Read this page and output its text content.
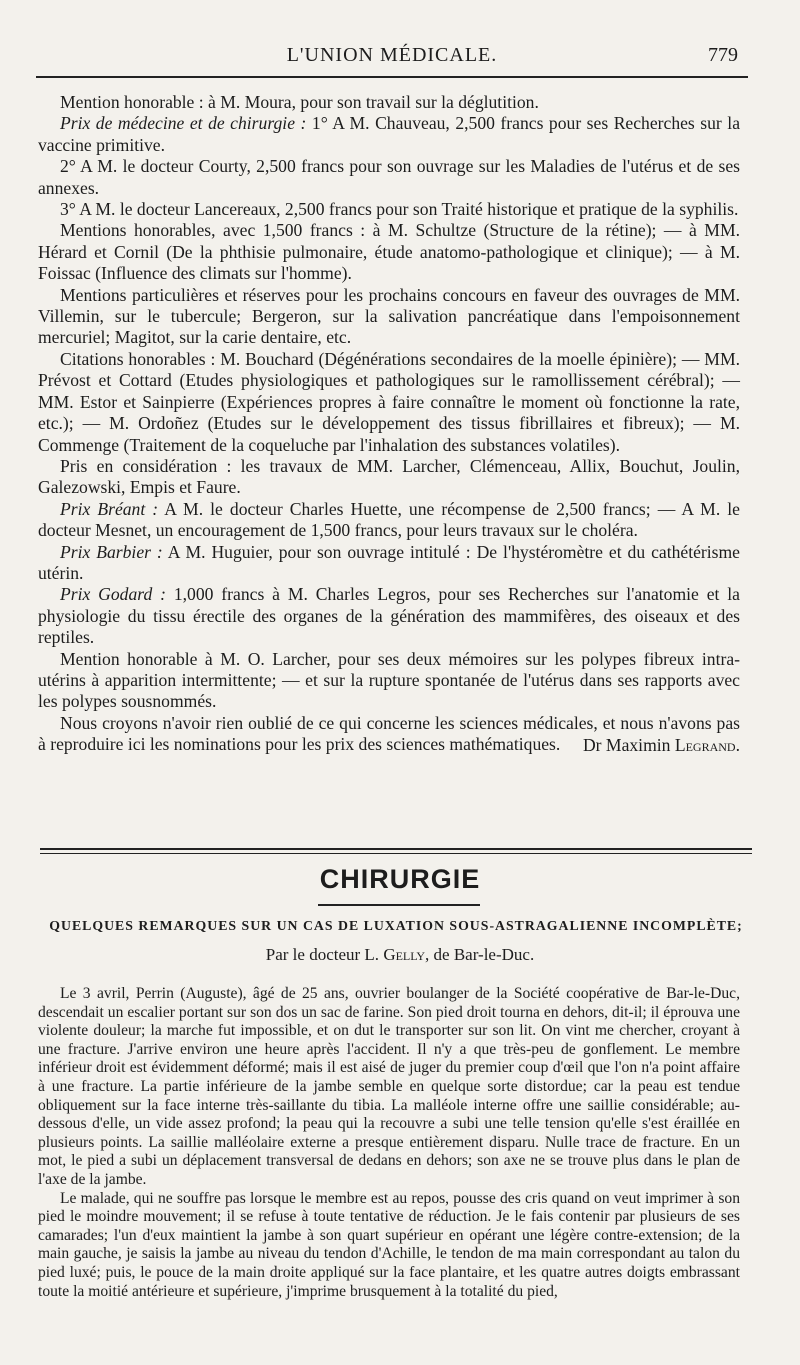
L'UNION MÉDICALE.	779

Mention honorable : à M. Moura, pour son travail sur la déglutition.

Prix de médecine et de chirurgie : 1° A M. Chauveau, 2,500 francs pour ses Recherches sur la vaccine primitive.

2° A M. le docteur Courty, 2,500 francs pour son ouvrage sur les Maladies de l'utérus et de ses annexes.

3° A M. le docteur Lancereaux, 2,500 francs pour son Traité historique et pratique de la syphilis.

Mentions honorables, avec 1,500 francs : à M. Schultze (Structure de la rétine); — à MM. Hérard et Cornil (De la phthisie pulmonaire, étude anatomo-pathologique et clinique); — à M. Foissac (Influence des climats sur l'homme).

Mentions particulières et réserves pour les prochains concours en faveur des ouvrages de MM. Villemin, sur le tubercule; Bergeron, sur la salivation pancréatique dans l'empoisonnement mercuriel; Magitot, sur la carie dentaire, etc.

Citations honorables : M. Bouchard (Dégénérations secondaires de la moelle épinière); — MM. Prévost et Cottard (Etudes physiologiques et pathologiques sur le ramollissement cérébral); — MM. Estor et Sainpierre (Expériences propres à faire connaître le moment où fonctionne la rate, etc.); — M. Ordoñez (Etudes sur le développement des tissus fibrillaires et fibreux); — M. Commenge (Traitement de la coqueluche par l'inhalation des substances volatiles).

Pris en considération : les travaux de MM. Larcher, Clémenceau, Allix, Bouchut, Joulin, Galezowski, Empis et Faure.

Prix Bréant : A M. le docteur Charles Huette, une récompense de 2,500 francs; — A M. le docteur Mesnet, un encouragement de 1,500 francs, pour leurs travaux sur le choléra.

Prix Barbier : A M. Huguier, pour son ouvrage intitulé : De l'hystéromètre et du cathétérisme utérin.

Prix Godard : 1,000 francs à M. Charles Legros, pour ses Recherches sur l'anatomie et la physiologie du tissu érectile des organes de la génération des mammifères, des oiseaux et des reptiles.

Mention honorable à M. O. Larcher, pour ses deux mémoires sur les polypes fibreux intra-utérins à apparition intermittente; — et sur la rupture spontanée de l'utérus dans ses rapports avec les polypes sousnommés.

Nous croyons n'avoir rien oublié de ce qui concerne les sciences médicales, et nous n'avons pas à reproduire ici les nominations pour les prix des sciences mathématiques.	Dr Maximin Legrand.

CHIRURGIE
QUELQUES REMARQUES SUR UN CAS DE LUXATION SOUS-ASTRAGALIENNE INCOMPLÈTE;
Par le docteur L. Gelly, de Bar-le-Duc.

Le 3 avril, Perrin (Auguste), âgé de 25 ans, ouvrier boulanger de la Société coopérative de Bar-le-Duc, descendait un escalier portant sur son dos un sac de farine. Son pied droit tourna en dehors, dit-il; il éprouva une violente douleur; la marche fut impossible, et on dut le transporter sur son lit. On vint me chercher, croyant à une fracture. J'arrive environ une heure après l'accident. Il n'y a que très-peu de gonflement. Le membre inférieur droit est évidemment déformé; mais il est aisé de juger du premier coup d'œil que l'on n'a point affaire à une fracture. La partie inférieure de la jambe semble en quelque sorte distordue; car la peau est tendue obliquement sur la face interne très-saillante du tibia. La malléole interne offre une saillie considérable; au-dessous d'elle, un vide assez profond; la peau qui la recouvre a subi une telle tension qu'elle s'est éraillée en plusieurs points. La saillie malléolaire externe a presque entièrement disparu. Nulle trace de fracture. En un mot, le pied a subi un déplacement transversal de dedans en dehors; son axe ne se trouve plus dans le plan de l'axe de la jambe.

Le malade, qui ne souffre pas lorsque le membre est au repos, pousse des cris quand on veut imprimer à son pied le moindre mouvement; il se refuse à toute tentative de réduction. Je le fais contenir par plusieurs de ses camarades; l'un d'eux maintient la jambe à son quart supérieur en opérant une légère contre-extension; de la main gauche, je saisis la jambe au niveau du tendon d'Achille, le tendon de ma main correspondant au talon du pied luxé; puis, le pouce de la main droite appliqué sur la face plantaire, et les quatre autres doigts embrassant toute la moitié antérieure et supérieure, j'imprime brusquement à la totalité du pied,
